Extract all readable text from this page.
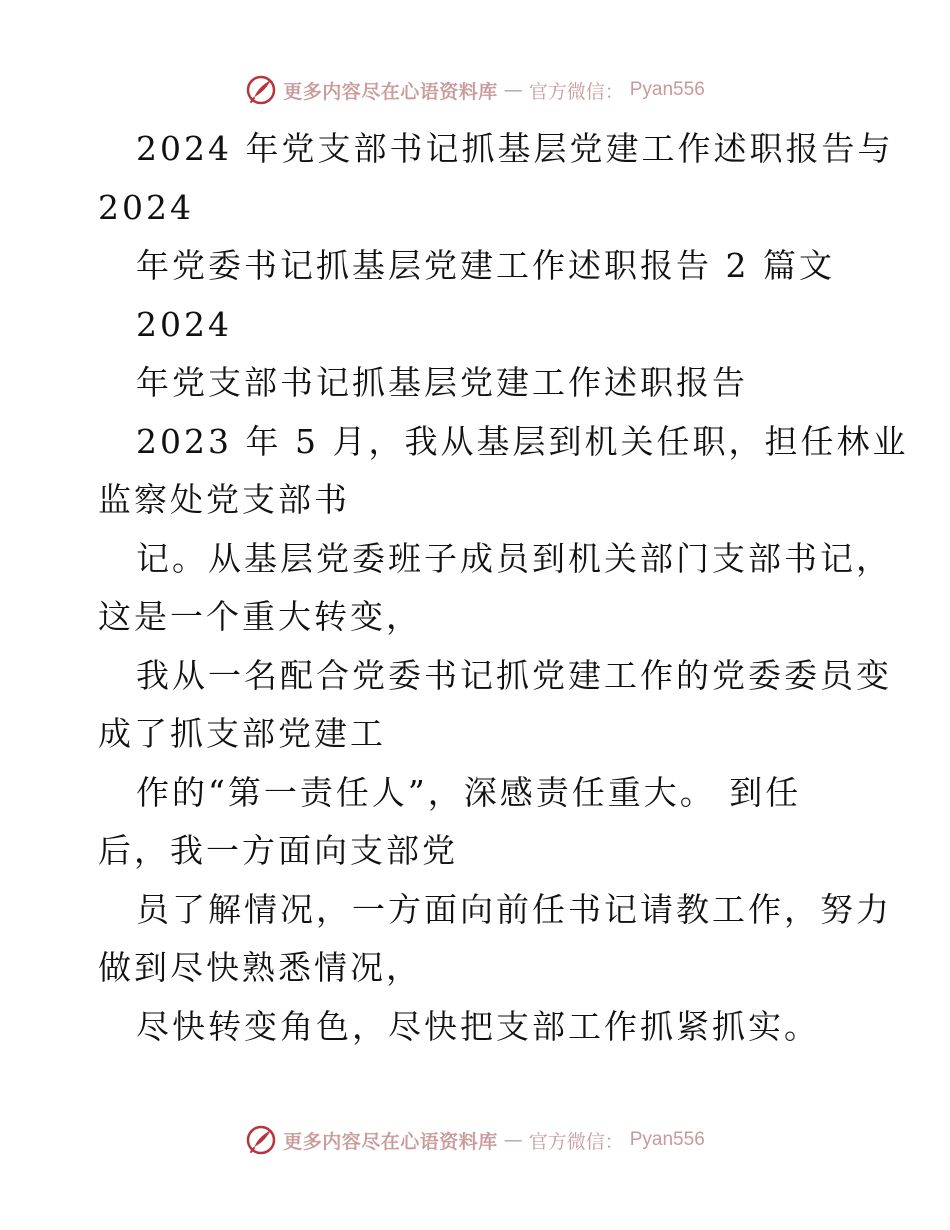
更多内容尽在心语资料库 — 官方微信： Pyan556
2024 年党支部书记抓基层党建工作述职报告与
2024
年党委书记抓基层党建工作述职报告 2 篇文
2024
年党支部书记抓基层党建工作述职报告
2023 年 5 月，我从基层到机关任职，担任林业
监察处党支部书
记。从基层党委班子成员到机关部门支部书记，
这是一个重大转变，
我从一名配合党委书记抓党建工作的党委委员变
成了抓支部党建工
作的“第一责任人”，深感责任重大。 到任
后，我一方面向支部党
员了解情况，一方面向前任书记请教工作，努力
做到尽快熟悉情况，
尽快转变角色，尽快把支部工作抓紧抓实。
更多内容尽在心语资料库 — 官方微信： Pyan556
